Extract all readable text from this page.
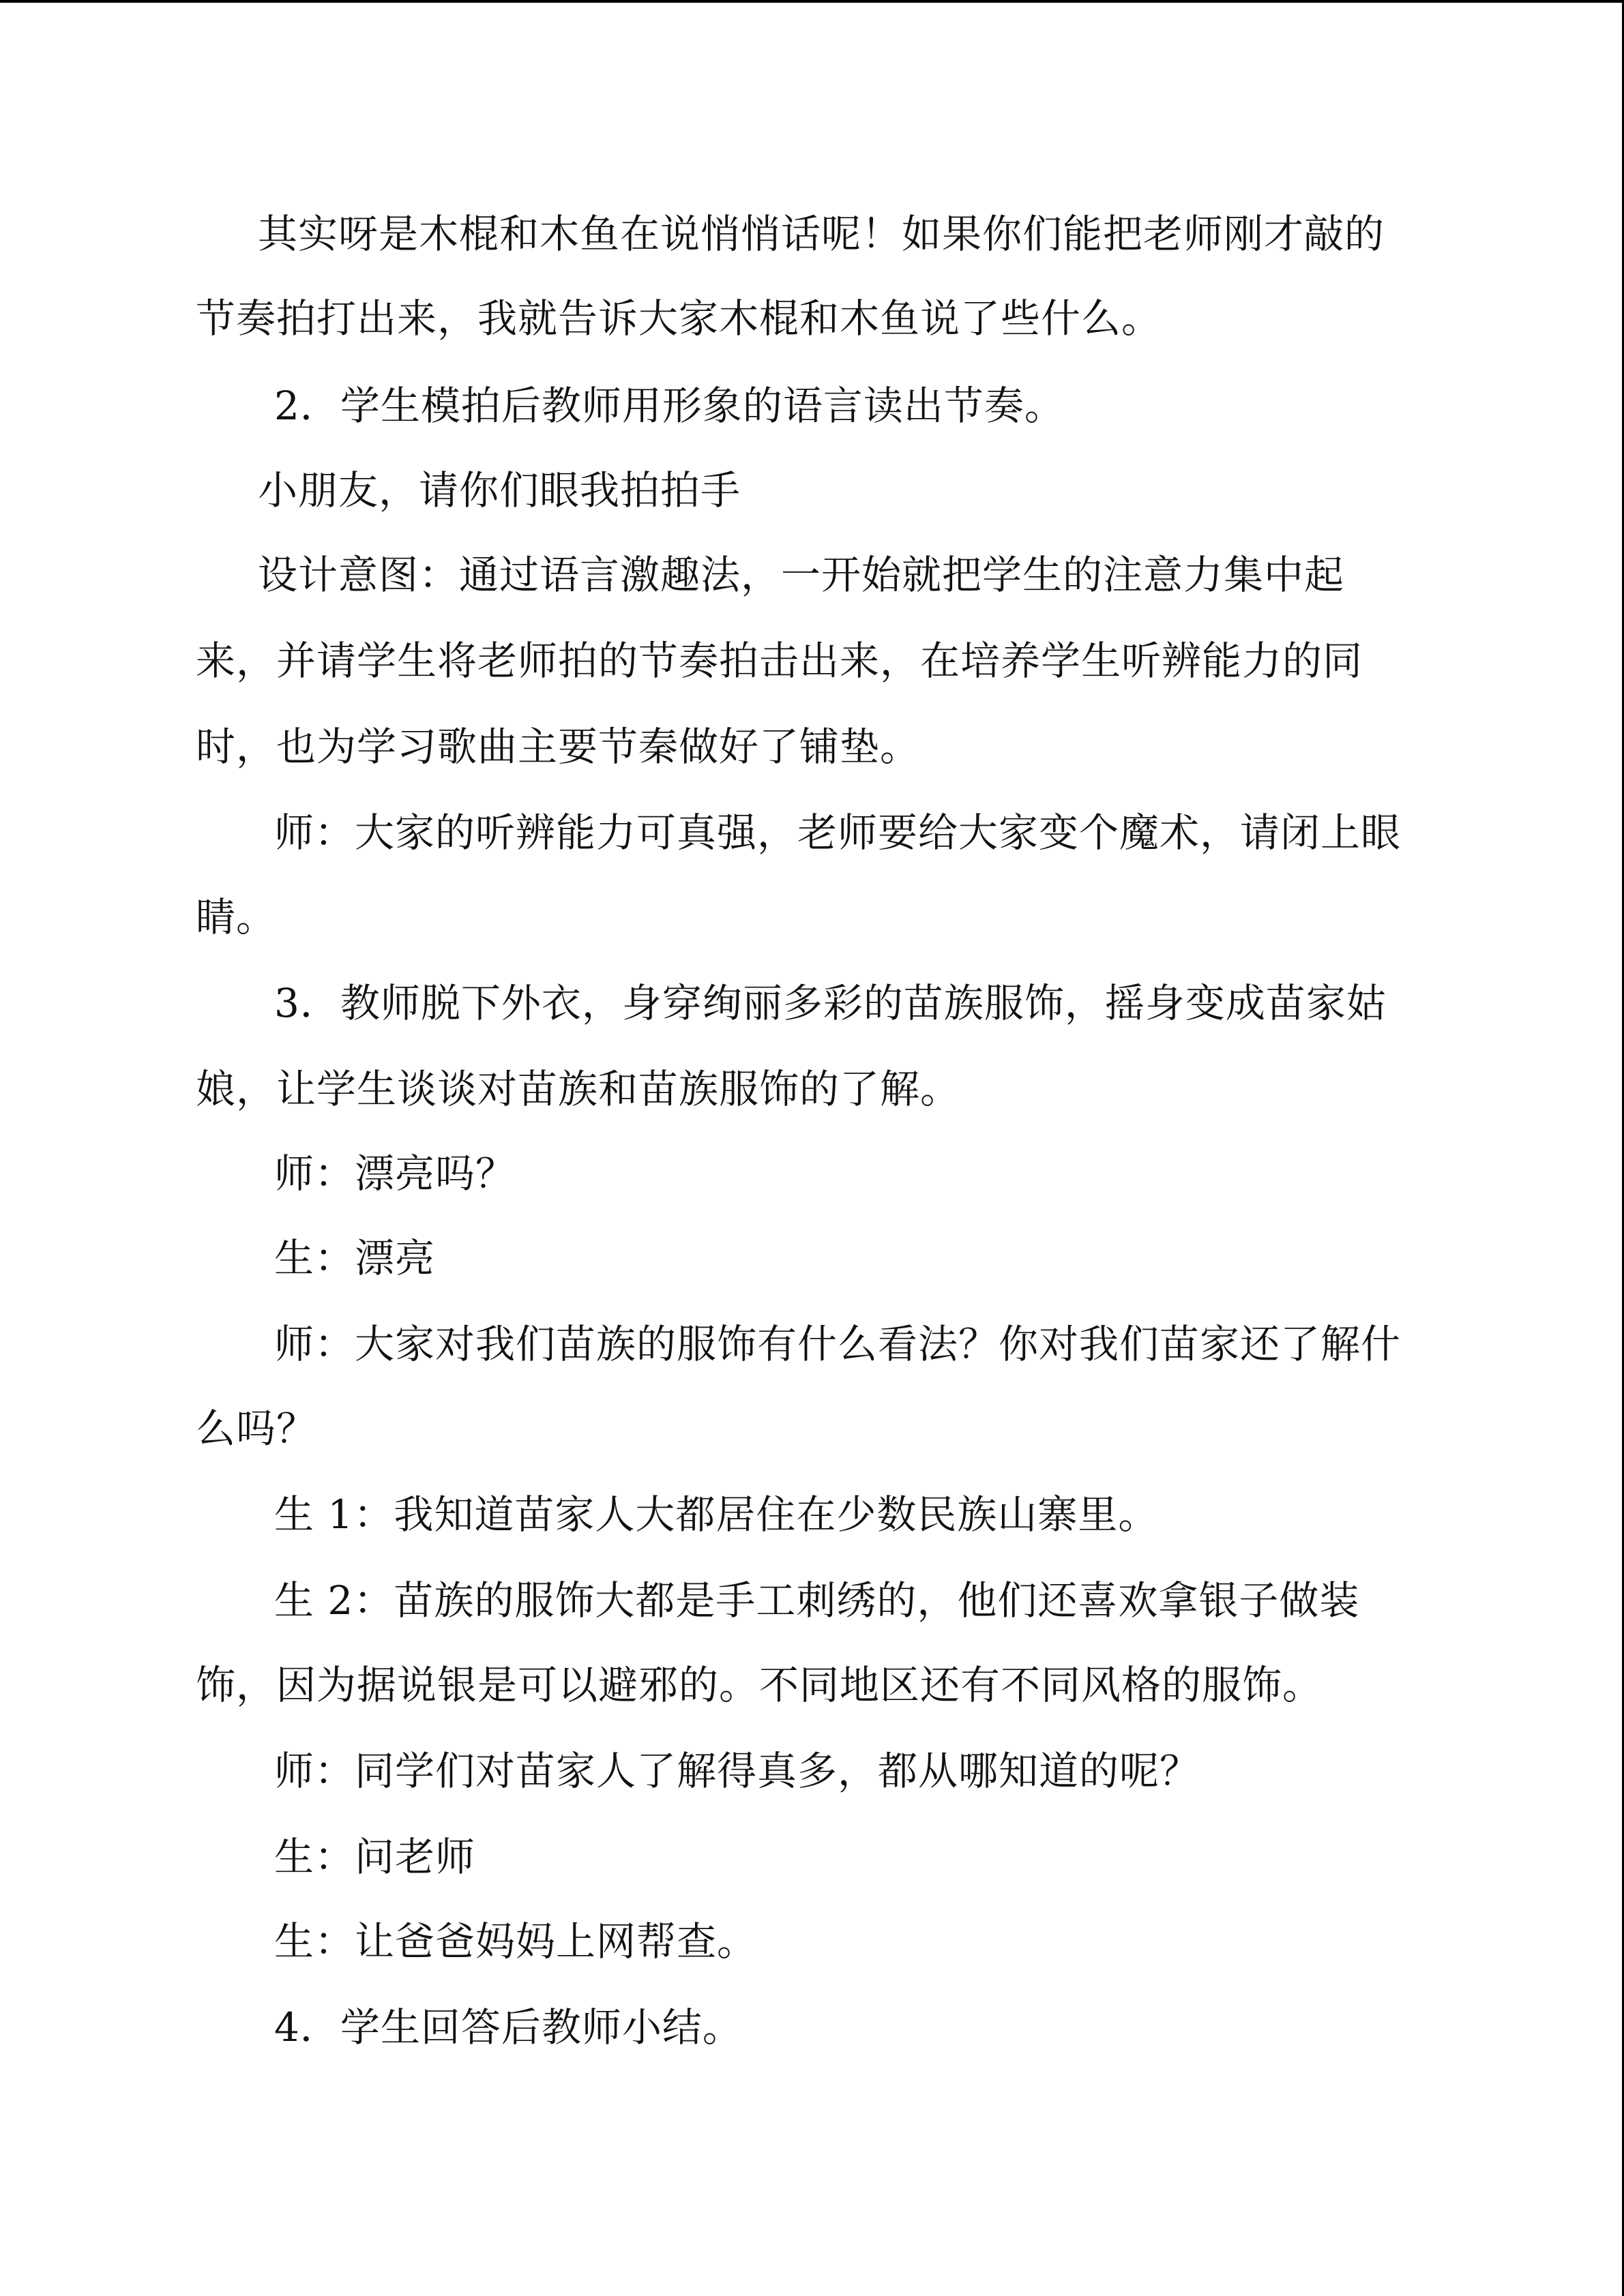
其实呀是木棍和木鱼在说悄悄话呢！如果你们能把老师刚才敲的
节奏拍打出来，我就告诉大家木棍和木鱼说了些什么。
2．学生模拍后教师用形象的语言读出节奏。
小朋友，请你们眼我拍拍手
设计意图：通过语言激趣法，一开始就把学生的注意力集中起
来，并请学生将老师拍的节奏拍击出来，在培养学生听辨能力的同
时，也为学习歌曲主要节秦做好了铺垫。
师：大家的听辨能力可真强，老师要给大家变个魔术，请闭上眼
睛。
3．教师脱下外衣，身穿绚丽多彩的苗族服饰，摇身变成苗家姑
娘，让学生谈谈对苗族和苗族服饰的了解。
师：漂亮吗？
生：漂亮
师：大家对我们苗族的服饰有什么看法？你对我们苗家还了解什
么吗？
生 1：我知道苗家人大都居住在少数民族山寨里。
生 2：苗族的服饰大都是手工刺绣的，他们还喜欢拿银子做装
饰，因为据说银是可以避邪的。不同地区还有不同风格的服饰。
师：同学们对苗家人了解得真多，都从哪知道的呢？
生：问老师
生：让爸爸妈妈上网帮查。
4．学生回答后教师小结。
